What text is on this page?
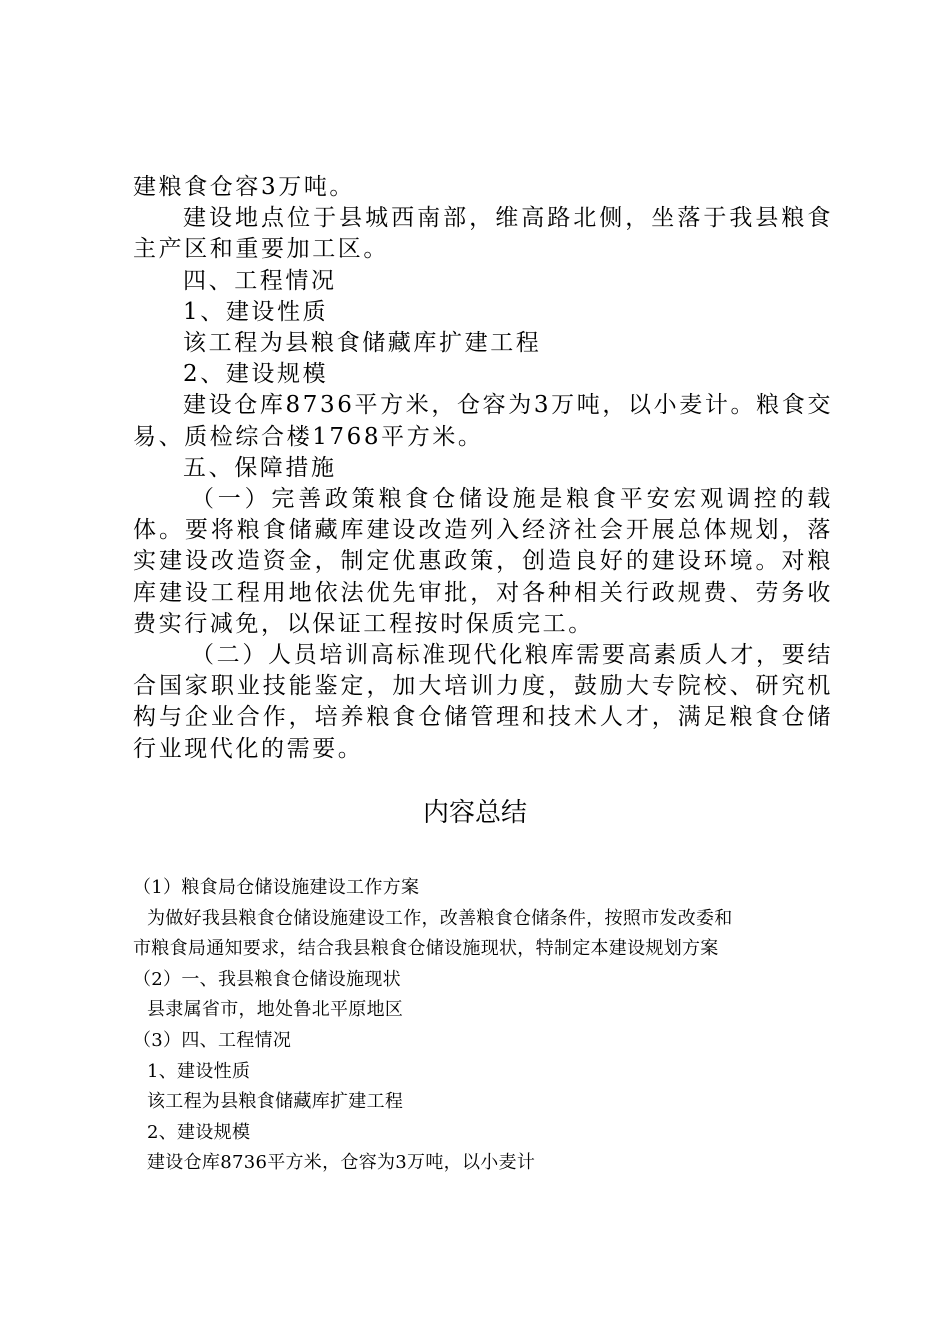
建粮食仓容3万吨。

建设地点位于县城西南部，维高路北侧，坐落于我县粮食主产区和重要加工区。

四、工程情况

1、建设性质

该工程为县粮食储藏库扩建工程

2、建设规模

建设仓库8736平方米，仓容为3万吨，以小麦计。粮食交易、质检综合楼1768平方米。

五、保障措施

（一）完善政策粮食仓储设施是粮食平安宏观调控的载体。要将粮食储藏库建设改造列入经济社会开展总体规划，落实建设改造资金，制定优惠政策，创造良好的建设环境。对粮库建设工程用地依法优先审批，对各种相关行政规费、劳务收费实行减免，以保证工程按时保质完工。

（二）人员培训高标准现代化粮库需要高素质人才，要结合国家职业技能鉴定，加大培训力度，鼓励大专院校、研究机构与企业合作，培养粮食仓储管理和技术人才，满足粮食仓储行业现代化的需要。

内容总结

（1）粮食局仓储设施建设工作方案

为做好我县粮食仓储设施建设工作，改善粮食仓储条件，按照市发改委和

市粮食局通知要求，结合我县粮食仓储设施现状，特制定本建设规划方案

（2）一、我县粮食仓储设施现状

县隶属省市，地处鲁北平原地区

（3）四、工程情况

1、建设性质

该工程为县粮食储藏库扩建工程

2、建设规模

建设仓库8736平方米，仓容为3万吨，以小麦计
